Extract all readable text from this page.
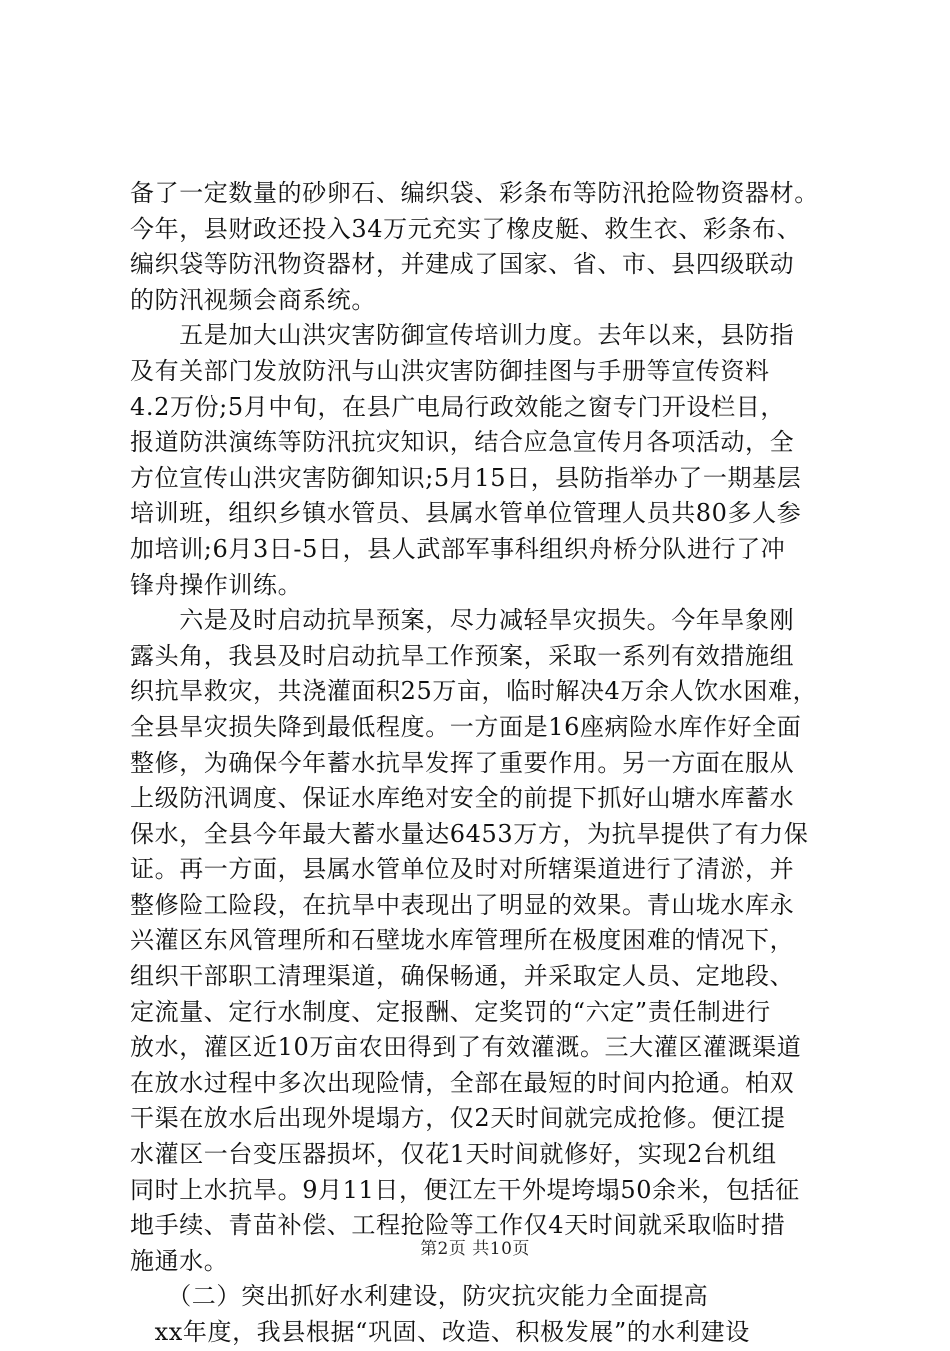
备了一定数量的砂卵石、编织袋、彩条布等防汛抢险物资器材。
今年，县财政还投入34万元充实了橡皮艇、救生衣、彩条布、
编织袋等防汛物资器材，并建成了国家、省、市、县四级联动
的防汛视频会商系统。
　　五是加大山洪灾害防御宣传培训力度。去年以来，县防指
及有关部门发放防汛与山洪灾害防御挂图与手册等宣传资料
4.2万份;5月中旬，在县广电局行政效能之窗专门开设栏目，
报道防洪演练等防汛抗灾知识，结合应急宣传月各项活动，全
方位宣传山洪灾害防御知识;5月15日，县防指举办了一期基层
培训班，组织乡镇水管员、县属水管单位管理人员共80多人参
加培训;6月3日-5日，县人武部军事科组织舟桥分队进行了冲
锋舟操作训练。
　　六是及时启动抗旱预案，尽力减轻旱灾损失。今年旱象刚
露头角，我县及时启动抗旱工作预案，采取一系列有效措施组
织抗旱救灾，共浇灌面积25万亩，临时解决4万余人饮水困难，
全县旱灾损失降到最低程度。一方面是16座病险水库作好全面
整修，为确保今年蓄水抗旱发挥了重要作用。另一方面在服从
上级防汛调度、保证水库绝对安全的前提下抓好山塘水库蓄水
保水，全县今年最大蓄水量达6453万方，为抗旱提供了有力保
证。再一方面，县属水管单位及时对所辖渠道进行了清淤，并
整修险工险段，在抗旱中表现出了明显的效果。青山垅水库永
兴灌区东风管理所和石壁垅水库管理所在极度困难的情况下，
组织干部职工清理渠道，确保畅通，并采取定人员、定地段、
定流量、定行水制度、定报酬、定奖罚的“六定”责任制进行
放水，灌区近10万亩农田得到了有效灌溉。三大灌区灌溉渠道
在放水过程中多次出现险情，全部在最短的时间内抢通。柏双
干渠在放水后出现外堤塌方，仅2天时间就完成抢修。便江提
水灌区一台变压器损坏，仅花1天时间就修好，实现2台机组
同时上水抗旱。9月11日，便江左干外堤垮塌50余米，包括征
地手续、青苗补偿、工程抢险等工作仅4天时间就采取临时措
施通水。
　　（二）突出抓好水利建设，防灾抗灾能力全面提高
　xx年度，我县根据“巩固、改造、积极发展”的水利建设
第2页 共10页
